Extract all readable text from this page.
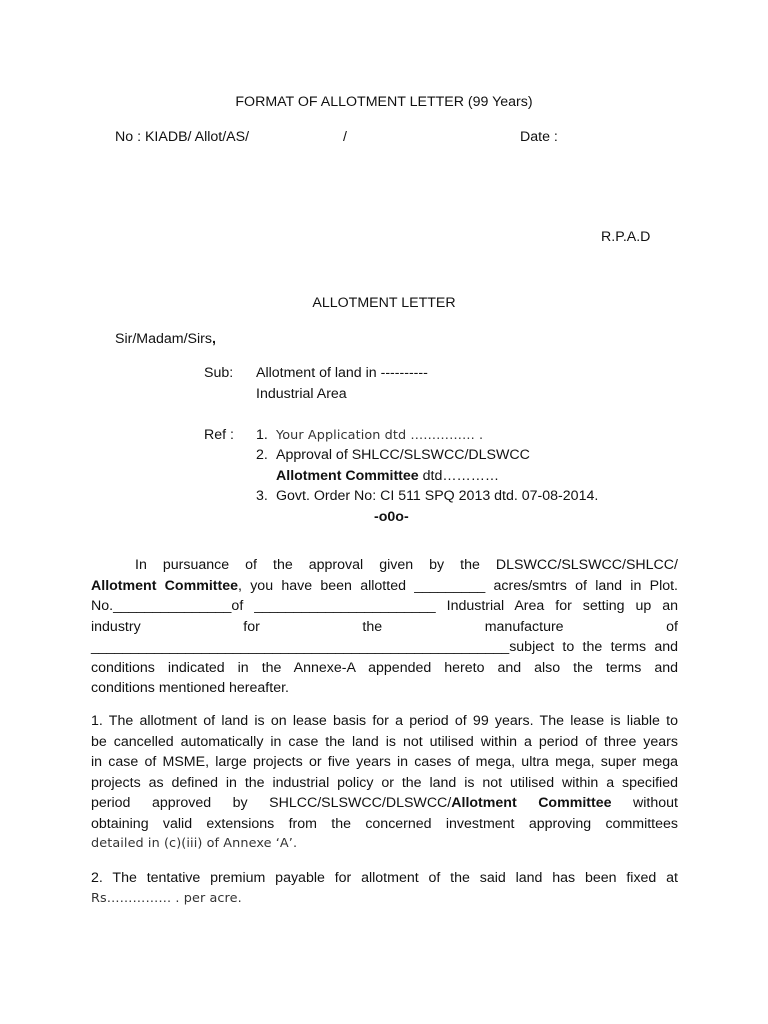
FORMAT OF ALLOTMENT LETTER (99 Years)
No : KIADB/ Allot/AS/	/	Date :
R.P.A.D
ALLOTMENT LETTER
Sir/Madam/Sirs,
Sub: Allotment of land in ----------
Industrial Area
Ref : 1. Your Application dtd …………… .
2. Approval of SHLCC/SLSWCC/DLSWCC
Allotment Committee dtd…………
3. Govt. Order No: CI 511 SPQ 2013 dtd. 07-08-2014.
-o0o-
In pursuance of the approval given by the DLSWCC/SLSWCC/SHLCC/
Allotment Committee, you have been allotted _________ acres/smtrs of land in Plot.
No._______________of _______________________ Industrial Area for setting up an
industry for the manufacture of
_____________________________________________________subject to the terms and
conditions indicated in the Annexe-A appended hereto and also the terms and
conditions mentioned hereafter.
1. The allotment of land is on lease basis for a period of 99 years. The lease is liable to
be cancelled automatically in case the land is not utilised within a period of three years
in case of MSME, large projects or five years in cases of mega, ultra mega, super mega
projects as defined in the industrial policy or the land is not utilised within a specified
period approved by SHLCC/SLSWCC/DLSWCC/Allotment Committee without
obtaining valid extensions from the concerned investment approving committees
detailed in (c)(iii) of Annexe ‘A’.
2. The tentative premium payable for allotment of the said land has been fixed at
Rs…………… . per acre.
